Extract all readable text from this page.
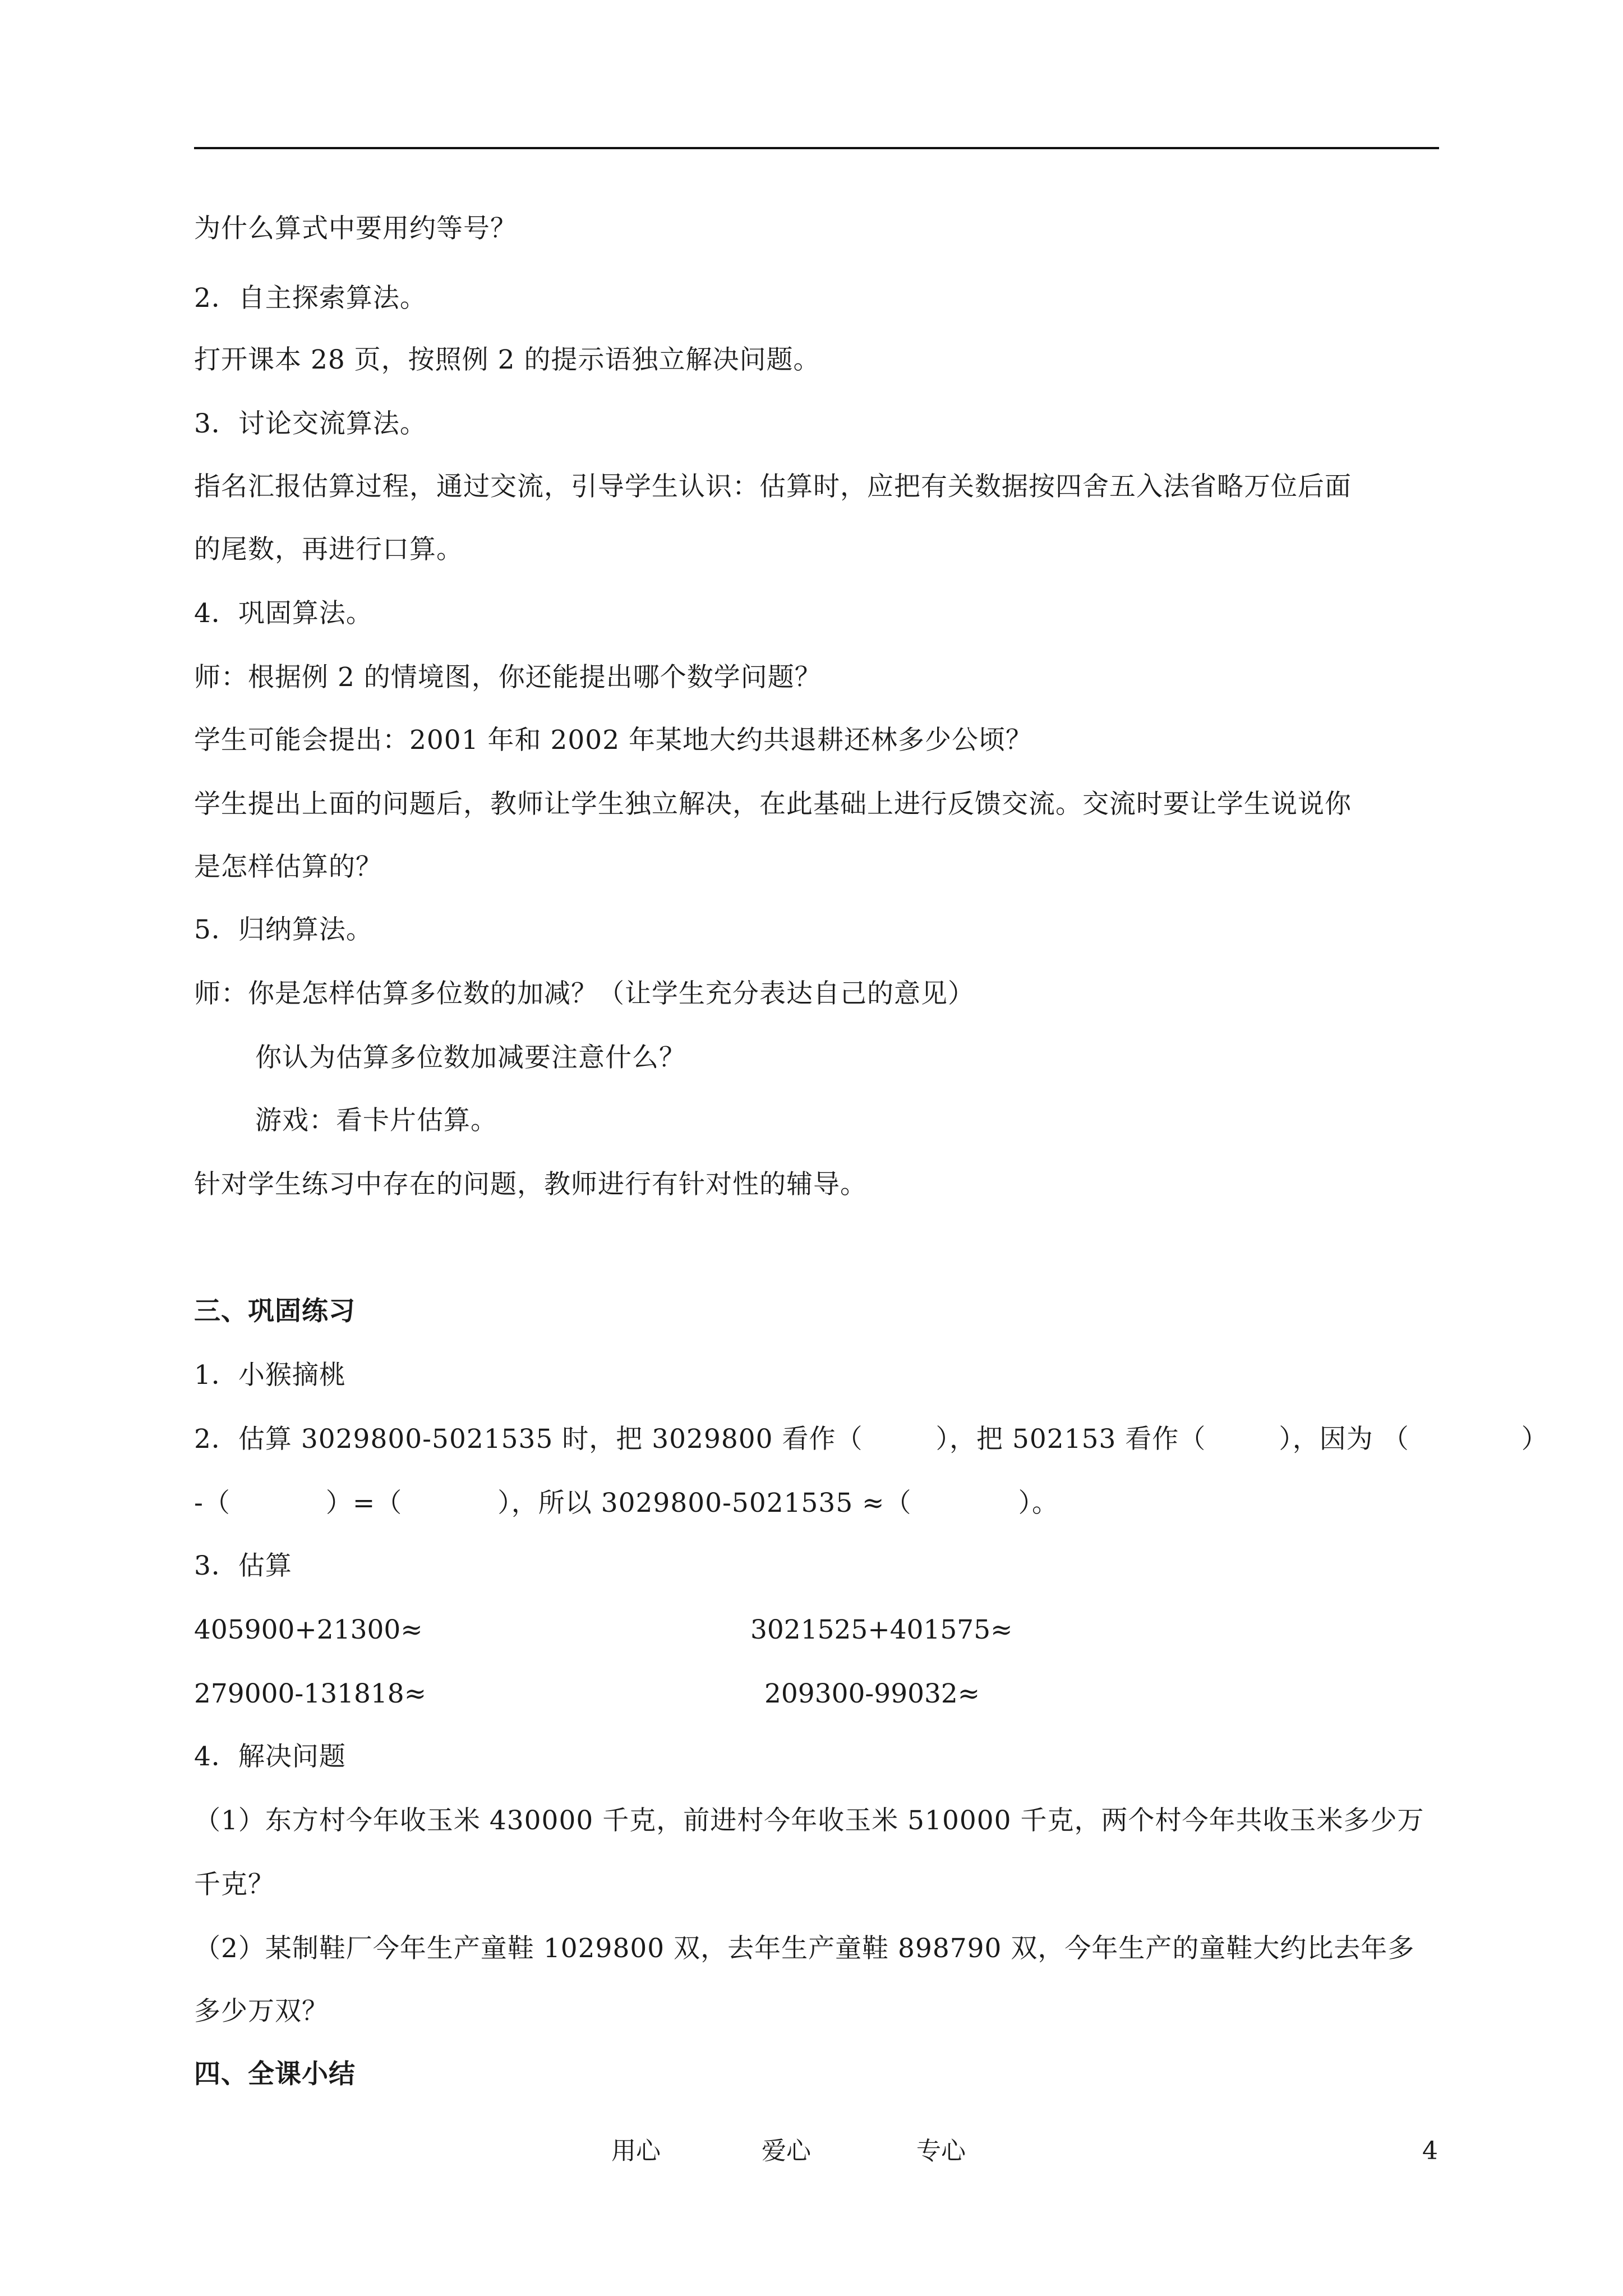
为什么算式中要用约等号？
2．自主探索算法。
打开课本 28 页，按照例 2 的提示语独立解决问题。
3．讨论交流算法。
指名汇报估算过程，通过交流，引导学生认识：估算时，应把有关数据按四舍五入法省略万位后面
的尾数，再进行口算。
4．巩固算法。
师：根据例 2 的情境图，你还能提出哪个数学问题？
学生可能会提出：2001 年和 2002 年某地大约共退耕还林多少公顷？
学生提出上面的问题后，教师让学生独立解决，在此基础上进行反馈交流。交流时要让学生说说你
是怎样估算的？
5．归纳算法。
师：你是怎样估算多位数的加减？（让学生充分表达自己的意见）
你认为估算多位数加减要注意什么？
游戏：看卡片估算。
针对学生练习中存在的问题，教师进行有针对性的辅导。
三、巩固练习
1．小猴摘桃
2．估算 3029800-5021535 时，把 3029800 看作（	），把 502153 看作（	），因为 （	）
-（	）=（	），所以 3029800-5021535 ≈（	）。
3．估算
405900+21300≈	3021525+401575≈
279000-131818≈	209300-99032≈
4．解决问题
（1）东方村今年收玉米 430000 千克，前进村今年收玉米 510000 千克，两个村今年共收玉米多少万
千克？
（2）某制鞋厂今年生产童鞋 1029800 双，去年生产童鞋 898790 双，今年生产的童鞋大约比去年多
多少万双？
四、全课小结
用心	爱心	专心	4
